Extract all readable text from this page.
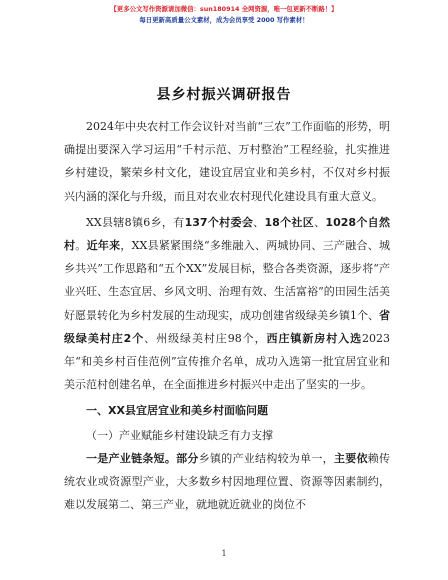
【更多公文写作资源请加微信：sun180914 全网资源，唯一包更新不断路！】
每日更新高质量公文素材，成为会员享受 2000 写作素材！
县乡村振兴调研报告

2024年中央农村工作会议针对当前“三农”工作面临的形势，明确提出要深入学习运用“千村示范、万村整治”工程经验，扎实推进乡村建设，繁荣乡村文化，建设宜居宜业和美乡村，不仅对乡村振兴内涵的深化与升级，而且对农业农村现代化建设具有重大意义。

XX县辖8镇6乡，有137个村委会、18个社区、1028个自然村。近年来，XX县紧紧围绕“多维融入、两城协同、三产融合、城乡共兴”工作思路和“五个XX”发展目标，整合各类资源，逐步将“产业兴旺、生态宜居、乡风文明、治理有效、生活富裕”的田园生活美好愿景转化为乡村发展的生动现实，成功创建省级绿美乡镇1个、省级绿美村庄2个、州级绿美村庄98个，西庄镇新房村入选2023年“和美乡村百佳范例”宣传推介名单，成功入选第一批宜居宜业和美示范村创建名单，在全面推进乡村振兴中走出了坚实的一步。

一、XX县宜居宜业和美乡村面临问题
（一）产业赋能乡村建设缺乏有力支撑

一是产业链条短。部分乡镇的产业结构较为单一，主要依赖传统农业或资源型产业，大多数乡村因地理位置、资源等因素制约，难以发展第二、第三产业，就地就近就业的岗位不

1
